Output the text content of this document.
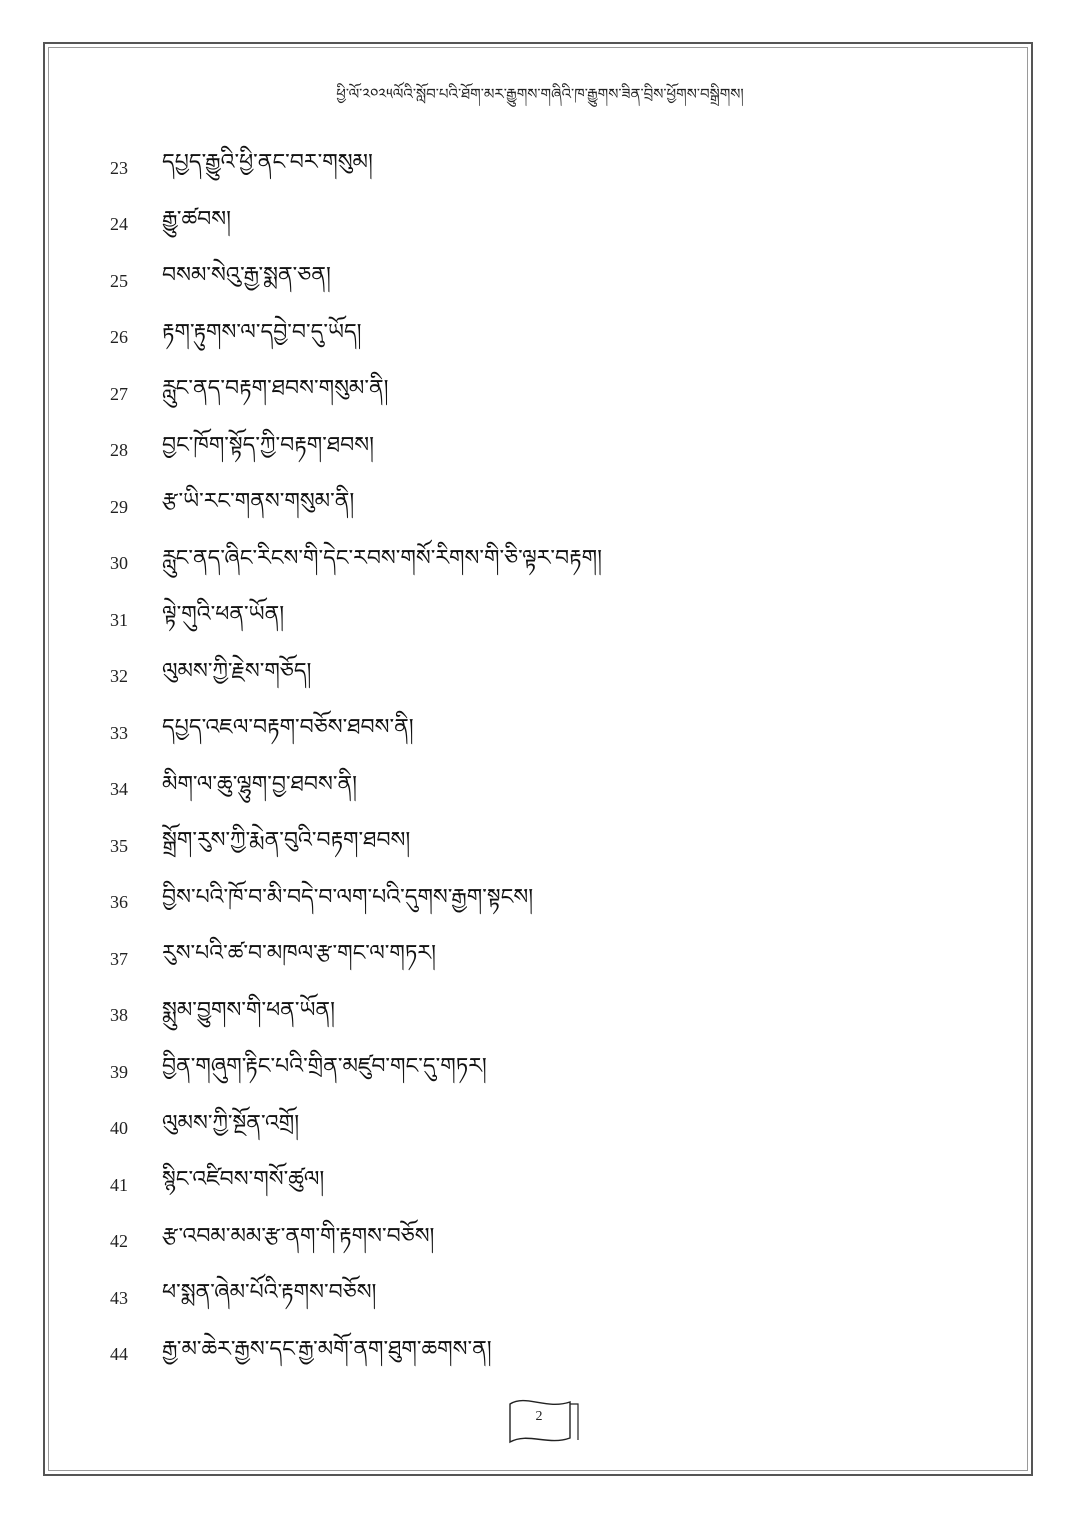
ཕྱི་ལོ་༢༠༢༥ལོའི་སློབ་པའི་ཐོག་མར་རྒྱུགས་གཞིའི་ཁ་རྒྱུགས་ཟིན་བྲིས་ཕྱོགས་བསྒྲིགས།
23	དཔྱད་རྒྱུའི་ཕྱི་ནང་བར་གསུམ།
24	རྒྱུ་ཚབས།
25	བསམ་སེའུ་རྒྱ་སྨན་ཅན།
26	རྟག་རྟུགས་ལ་དབྱེ་བ་དུ་ཡོད།
27	རླུང་ནད་བརྟག་ཐབས་གསུམ་ནི།
28	བྱང་ཁོག་སྟོད་ཀྱི་བརྟག་ཐབས།
29	རྩ་ཡི་རང་གནས་གསུམ་ནི།
30	རླུང་ནད་ཞིང་རིངས་གི་དེང་རབས་གསོ་རིགས་གི་ཅི་ལྟར་བརྟག།
31	ལྟེ་གུའི་ཕན་ཡོན།
32	ལུམས་ཀྱི་རྗེས་གཅོད།
33	དཔྱད་འཇལ་བརྟག་བཅོས་ཐབས་ནི།
34	མིག་ལ་ཆུ་ལྷུག་བྱ་ཐབས་ནི།
35	སྒྲོག་རུས་ཀྱི་རྨེན་བུའི་བརྟག་ཐབས།
36	བྱིས་པའི་ཁོ་བ་མི་བདེ་བ་ལག་པའི་དུགས་རྒྱག་སྟངས།
37	རུས་པའི་ཚ་བ་མཁལ་རྩ་གང་ལ་གཏར།
38	སྨུམ་བྱུགས་གི་ཕན་ཡོན།
39	བྱིན་གཞུག་རྟིང་པའི་གྲིན་མཛུབ་གང་དུ་གཏར།
40	ལུམས་ཀྱི་སྔོན་འགྲོ།
41	སྙིང་འཛིབས་གསོ་ཚུལ།
42	རྩ་འབམ་མམ་རྩ་ནག་གི་རྟགས་བཅོས།
43	ཕ་སྨན་ཞེམ་པོའི་རྟགས་བཅོས།
44	རྒྱ་མ་ཆེར་རྒྱས་དང་རྒྱ་མགོ་ནག་ཐུག་ཆགས་ན།
2
